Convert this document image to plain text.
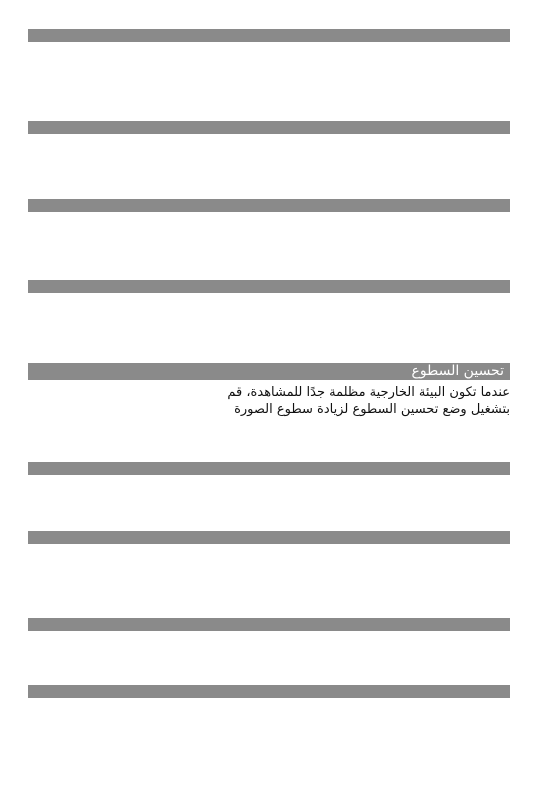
تحسين السطوع

عندما تكون البيئة الخارجية مظلمة جدًا للمشاهدة، قم

بتشغيل وضع تحسين السطوع لزيادة سطوع الصورة
